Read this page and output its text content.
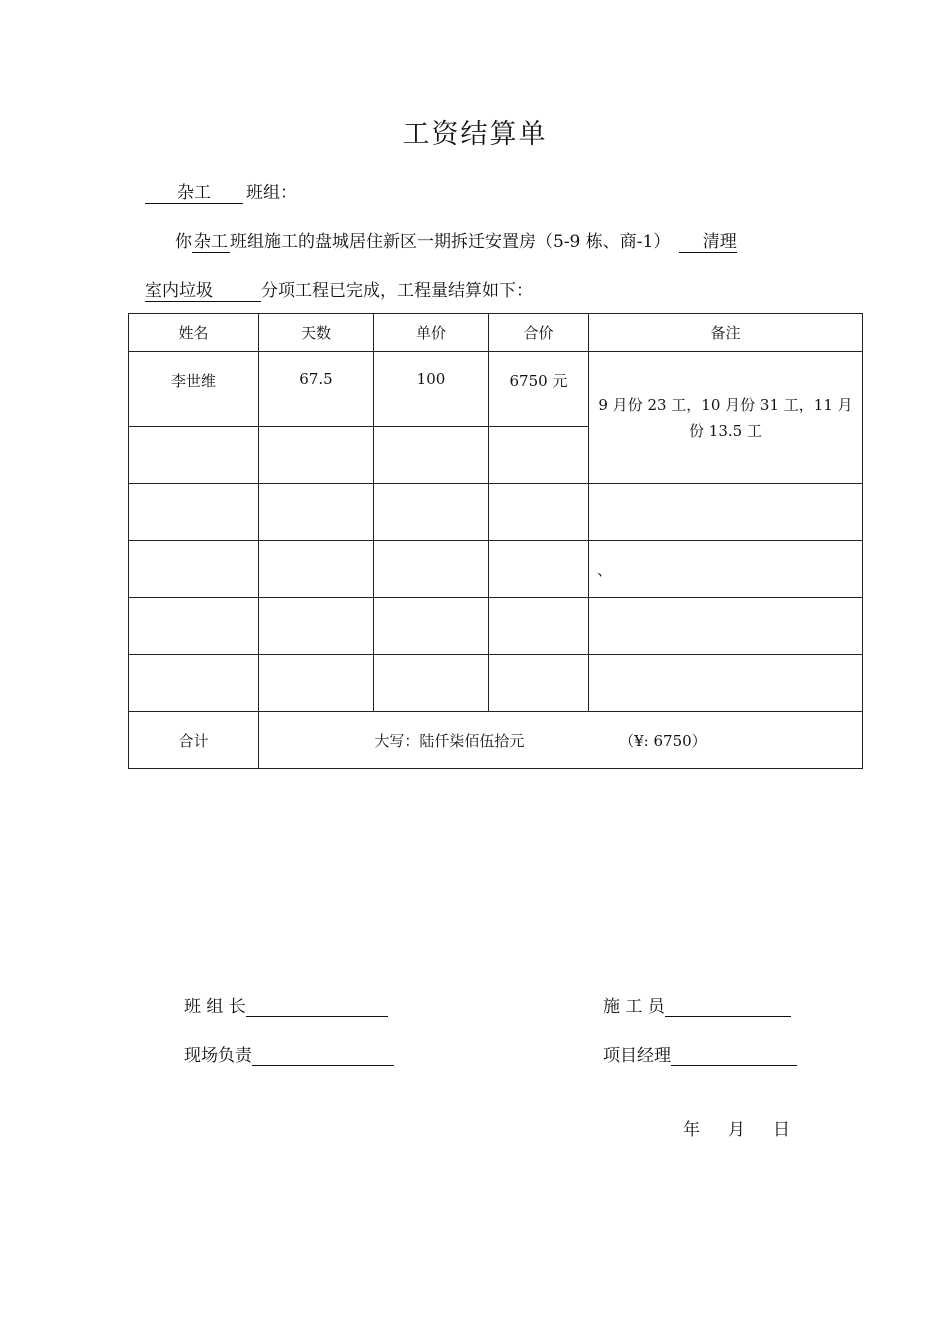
工资结算单
杂工 班组：
你 杂工 班组施工的盘城居住新区一期拆迁安置房（5-9 栋、商-1） 清理
室内垃圾	分项工程已完成，工程量结算如下：
姓名	天数	单价	合价	备注
李世维	67.5	100	6750 元	9 月份 23 工，10 月份 31 工，11 月份 13.5 工

				、

合计	大写：陆仟柒佰伍拾元 （¥: 6750）			
班 组 长	施 工 员
现场负责	项目经理
年 月 日
